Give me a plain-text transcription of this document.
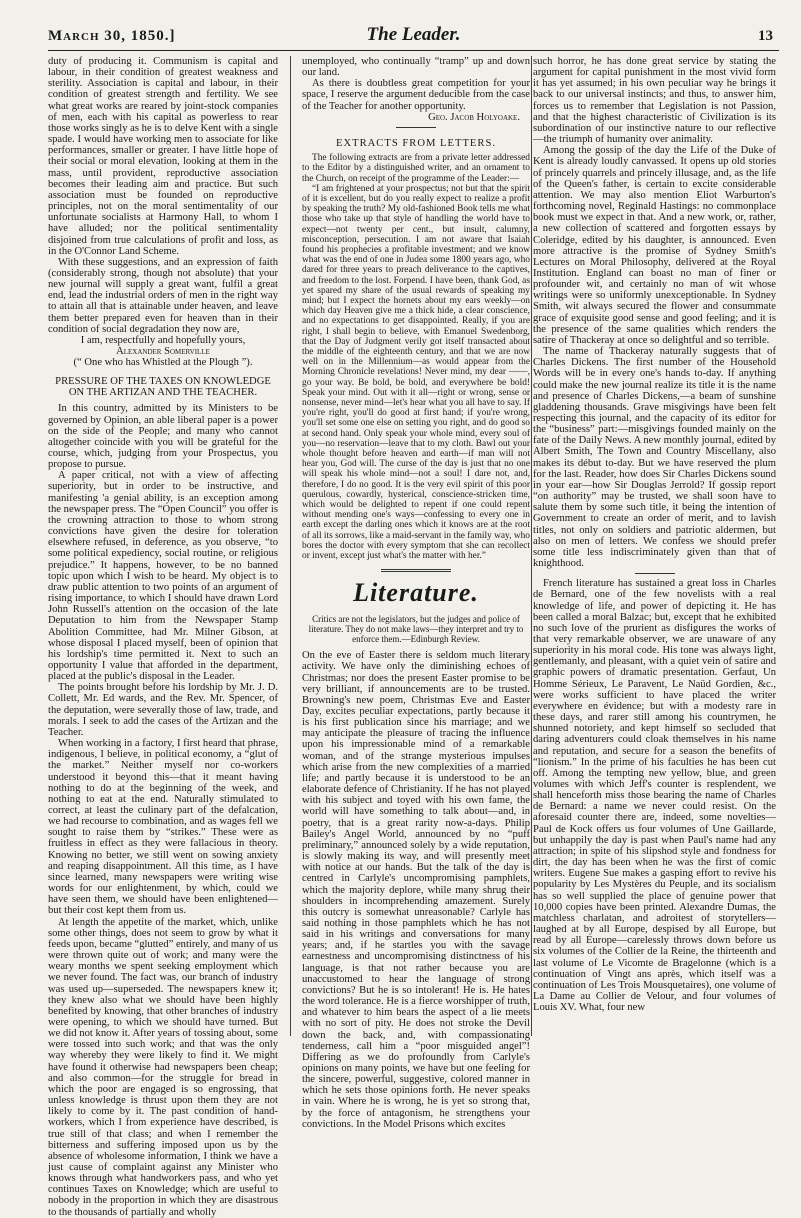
March 30, 1850.]	The Leader.	13

duty of producing it. Communism is capital and labour, in their condition of greatest weakness and sterility. Association is capital and labour, in their condition of greatest strength and fertility. We see what great works are reared by joint-stock companies of men, each with his capital as powerless to rear those works singly as he is to delve Kent with a single spade. I would have working men to associate for like performances, smaller or greater. I have little hope of their social or moral elevation, looking at them in the mass, until provident, reproductive association becomes their leading aim and practice. But such association must be founded on reproductive principles, not on the moral sentimentality of our unfortunate socialists at Harmony Hall, to whom I have alluded; nor the political sentimentality disjoined from true calculations of profit and loss, as in the O'Connor Land Scheme.

With these suggestions, and an expression of faith (considerably strong, though not absolute) that your new journal will supply a great want, fulfil a great end, lead the industrial orders of men in the right way to attain all that is attainable under heaven, and leave them better prepared even for heaven than in their condition of social degradation they now are,

I am, respectfully and hopefully yours,

Alexander Somerville

(“ One who has Whistled at the Plough ”).

PRESSURE OF THE TAXES ON KNOWLEDGE ON THE ARTIZAN AND THE TEACHER.

In this country, admitted by its Ministers to be governed by Opinion, an able liberal paper is a power on the side of the People; and many who cannot altogether coincide with you will be grateful for the course, which, judging from your Prospectus, you propose to pursue.

A paper critical, not with a view of affecting superiority, but in order to be instructive, and manifesting 'a genial ability, is an exception among the newspaper press. The “Open Council” you offer is the crowning attraction to those to whom strong convictions have given the desire for toleration elsewhere refused, in deference, as you observe, “to some political expediency, social routine, or religious prejudice.” It happens, however, to be no banned topic upon which I wish to be heard. My object is to draw public attention to two points of an argument of rising importance, to which I should have drawn Lord John Russell's attention on the occasion of the late Deputation to him from the Newspaper Stamp Abolition Committee, had Mr. Milner Gibson, at whose disposal I placed myself, been of opinion that his lordship's time permitted it. Next to such an opportunity I value that afforded in the department, placed at the public's disposal in the Leader.

The points brought before his lordship by Mr. J. D. Collett, Mr. Ed wards, and the Rev. Mr. Spencer, of the deputation, were severally those of law, trade, and morals. I seek to add the cases of the Artizan and the Teacher.

When working in a factory, I first heard that phrase, indigenous, I believe, in political economy, a “glut of the market.” Neither myself nor co-workers understood it beyond this—that it meant having nothing to do at the beginning of the week, and nothing to eat at the end. Naturally stimulated to correct, at least the culinary part of the defalcation, we had recourse to combination, and as wages fell we sought to raise them by “strikes.” These were as fruitless in effect as they were fallacious in theory. Knowing no better, we still went on sowing anxiety and reaping disappointment. All this time, as I have since learned, many newspapers were writing wise words for our enlightenment, by which, could we have seen them, we should have been enlightened—but their cost kept them from us.

At length the appetite of the market, which, unlike some other things, does not seem to grow by what it feeds upon, became “glutted” entirely, and many of us were thrown quite out of work; and many were the weary months we spent seeking employment which we never found. The fact was, our branch of industry was used up—superseded. The newspapers knew it; they knew also what we should have been highly benefited by knowing, that other branches of industry were opening, to which we should have turned. But we did not know it. After years of tossing about, some were tossed into such work; and that was the only way whereby they were likely to find it. We might have found it otherwise had newspapers been cheap; and also common—for the struggle for bread in which the poor are engaged is so engrossing, that unless knowledge is thrust upon them they are not likely to come by it. The past condition of hand-workers, which I from experience have described, is true still of that class; and when I remember the bitterness and suffering imposed upon us by the absence of wholesome information, I think we have a just cause of complaint against any Minister who knows through what handworkers pass, and who yet continues Taxes on Knowledge; which are useful to nobody in the proportion in which they are disastrous to the thousands of partially and wholly

unemployed, who continually “tramp” up and down our land.

As there is doubtless great competition for your space, I reserve the argument deducible from the case of the Teacher for another opportunity.

Geo. Jacob Holyoake.

EXTRACTS FROM LETTERS.

The following extracts are from a private letter addressed to the Editor by a distinguished writer, and an ornament to the Church, on receipt of the programme of the Leader:—

“I am frightened at your prospectus; not but that the spirit of it is excellent, but do you really expect to realize a profit by speaking the truth? My old-fashioned Book tells me what those who take up that style of handling the world have to expect—not twenty per cent., but insult, calumny, misconception, persecution. I am not aware that Isaiah found his prophecies a profitable investment; and we know what was the end of one in Judea some 1800 years ago, who dared for three years to preach deliverance to the captives, and freedom to the lost. Forpend. I have been, thank God, as yet spared my share of the usual rewards of speaking my mind; but I expect the hornets about my ears weekly—on which day Heaven give me a thick hide, a clear conscience, and no expectations to get disappointed. Really, if you are right, I shall begin to believe, with Emanuel Swedenborg, that the Day of Judgment verily got itself transacted about the middle of the eighteenth century, and that we are now well on in the Millennium—as would appear from the Morning Chronicle revelations! Never mind, my dear ——, go your way. Be bold, be bold, and everywhere be bold! Speak your mind. Out with it all—right or wrong, sense or nonsense, never mind—let's hear what you all have to say. If you're right, you'll do good at first hand; if you're wrong, you'll set some one else on setting you right, and do good so at second hand. Only speak your whole mind, every soul of you—no reservation—leave that to my cloth. Bawl out your whole thought before heaven and earth—if man will not hear you, God will. The curse of the day is just that no one will speak his whole mind—not a soul! I dare not, and, therefore, I do no good. It is the very evil spirit of this poor querulous, cowardly, hysterical, conscience-stricken time, which would be delighted to repent if one could repent without mending one's ways—confessing to every one in earth except the darling ones which it knows are at the root of all its sorrows, like a maid-servant in the family way, who bores the doctor with every symptom that she can recollect or invent, except just what's the matter with her.”

Literature.

Critics are not the legislators, but the judges and police of literature. They do not make laws—they interpret and try to enforce them.—Edinburgh Review.

On the eve of Easter there is seldom much literary activity. We have only the diminishing echoes of Christmas; nor does the present Easter promise to be very brilliant, if announcements are to be trusted. Browning's new poem, Christmas Eve and Easter Day, excites peculiar expectations, partly because it is his first publication since his marriage; and we may anticipate the pleasure of tracing the influence upon his impressionable mind of a remarkable woman, and of the strange mysterious impulses which arise from the new complexities of a married life; and partly because it is understood to be an elaborate defence of Christianity. If he has not played with his subject and toyed with his own fame, the world will have something to talk about—and, in poetry, that is a great rarity now-a-days. Philip Bailey's Angel World, announced by no “puff preliminary,” announced solely by a wide reputation, is slowly making its way, and will presently meet with notice at our hands. But the talk of the day is centred in Carlyle's uncompromising pamphlets, which the majority deplore, while many shrug their shoulders in incomprehending amazement. Surely this outcry is somewhat unreasonable? Carlyle has said nothing in those pamphlets which he has not said in his writings and conversations for many years; and, if he startles you with the savage earnestness and uncompromising distinctness of his language, is that not rather because you are unaccustomed to hear the language of strong convictions? But he is so intolerant! He is. He hates the word tolerance. He is a fierce worshipper of truth, and whatever to him bears the aspect of a lie meets with no sort of pity. He does not stroke the Devil down the back, and, with compassionating tenderness, call him a “poor misguided angel”! Differing as we do profoundly from Carlyle's opinions on many points, we have but one feeling for the sincere, powerful, suggestive, colored manner in which he sets those opinions forth. He never speaks in vain. Where he is wrong, he is yet so strong that, by the force of antagonism, he strengthens your convictions. In the Model Prisons which excites

such horror, he has done great service by stating the argument for capital punishment in the most vivid form it has yet assumed; in his own peculiar way he brings it back to our universal instincts; and thus, to answer him, forces us to remember that Legislation is not Passion, and that the highest characteristic of Civilization is its subordination of our instinctive nature to our reflective—the triumph of humanity over animality.

Among the gossip of the day the Life of the Duke of Kent is already loudly canvassed. It opens up old stories of princely quarrels and princely illusage, and, as the life of the Queen's father, is certain to excite considerable attention. We may also mention Eliot Warburton's forthcoming novel, Reginald Hastings: no commonplace book must we expect in that. And a new work, or, rather, a new collection of scattered and forgotten essays by Coleridge, edited by his daughter, is announced. Even more attractive is the promise of Sydney Smith's Lectures on Moral Philosophy, delivered at the Royal Institution. England can boast no man of finer or profounder wit, and certainly no man of wit whose writings were so uniformly unexceptionable. In Sydney Smith, wit always secured the flower and consummate grace of exquisite good sense and good feeling; and it is the presence of the same qualities which renders the satire of Thackeray at once so delightful and so terrible.

The name of Thackeray naturally suggests that of Charles Dickens. The first number of the Household Words will be in every one's hands to-day. If anything could make the new journal realize its title it is the name and presence of Charles Dickens,—a beam of sunshine gladdening thousands. Grave misgivings have been felt respecting this journal, and the capacity of its editor for the “business” part:—misgivings founded mainly on the fate of the Daily News. A new monthly journal, edited by Albert Smith, The Town and Country Miscellany, also makes its début to-day. But we have reserved the plum for the last. Reader, how does Sir Charles Dickens sound in your ear—how Sir Douglas Jerrold? If gossip report “on authority” may be trusted, we shall soon have to salute them by some such title, it being the intention of Government to create an order of merit, and to lavish titles, not only on soldiers and patriotic aldermen, but also on men of letters. We confess we should prefer some title less indiscriminately given than that of knighthood.

French literature has sustained a great loss in Charles de Bernard, one of the few novelists with a real knowledge of life, and power of depicting it. He has been called a moral Balzac; but, except that he exhibited no such love of the prurient as disfigures the works of that very remarkable observer, we are unaware of any superiority in his moral code. His tone was always light, gentlemanly, and pleasant, with a quiet vein of satire and graphic powers of dramatic presentation. Gerfaut, Un Homme Sérieux, Le Paravent, Le Naüd Gordien, &c., were works sufficient to have placed the writer everywhere en évidence; but with a modesty rare in these days, and rarer still among his countrymen, he shunned notoriety, and kept himself so secluded that daring adventurers could cloak themselves in his name and reputation, and secure for a season the benefits of “lionism.” In the prime of his faculties he has been cut off. Among the tempting new yellow, blue, and green volumes with which Jeff's counter is resplendent, we shall henceforth miss those bearing the name of Charles de Bernard: a name we never could resist. On the aforesaid counter there are, indeed, some novelties—Paul de Kock offers us four volumes of Une Gaillarde, but unhappily the day is past when Paul's name had any attraction; in spite of his slipshod style and fondness for dirt, the day has been when he was the first of comic writers. Eugene Sue makes a gasping effort to revive his popularity by Les Mystères du Peuple, and its socialism has so well supplied the place of genuine power that 10,000 copies have been printed. Alexandre Dumas, the matchless charlatan, and adroitest of storytellers—laughed at by all Europe, despised by all Europe, but read by all Europe—carelessly throws down before us six volumes of the Collier de la Reine, the thirteenth and last volume of Le Vicomte de Bragelonne (which is a continuation of Vingt ans après, which itself was a continuation of Les Trois Mousquetaires), one volume of La Dame au Collier de Velour, and four volumes of Louis XV. What, four new
